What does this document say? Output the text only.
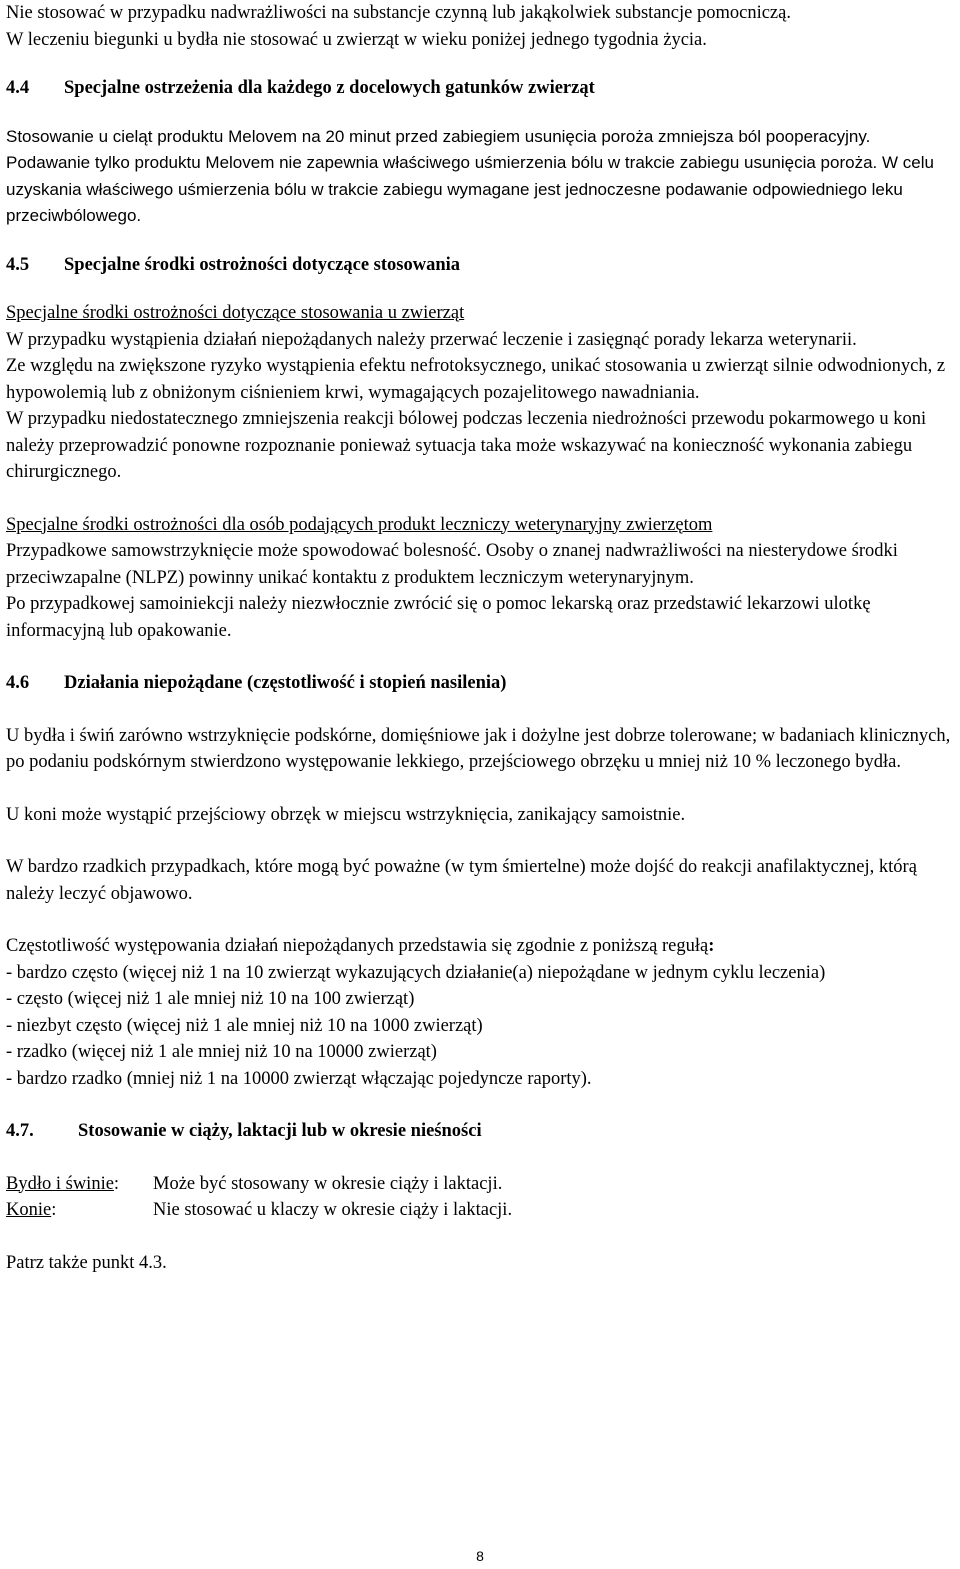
Nie stosować w przypadku nadwrażliwości na substancje czynną lub jakąkolwiek substancje pomocniczą.

W leczeniu biegunki u bydła nie stosować u zwierząt w wieku poniżej jednego tygodnia życia.

4.4 Specjalne ostrzeżenia dla każdego z docelowych gatunków zwierząt

Stosowanie u cieląt produktu Melovem na 20 minut przed zabiegiem usunięcia poroża zmniejsza ból pooperacyjny. Podawanie tylko produktu Melovem nie zapewnia właściwego uśmierzenia bólu w trakcie zabiegu usunięcia poroża. W celu uzyskania właściwego uśmierzenia bólu w trakcie zabiegu wymagane jest jednoczesne podawanie odpowiedniego leku przeciwbólowego.

4.5 Specjalne środki ostrożności dotyczące stosowania

Specjalne środki ostrożności dotyczące stosowania u zwierząt

W przypadku wystąpienia działań niepożądanych należy przerwać leczenie i zasięgnąć porady lekarza weterynarii.

Ze względu na zwiększone ryzyko wystąpienia efektu nefrotoksycznego, unikać stosowania u zwierząt silnie odwodnionych, z hypowolemią lub z obniżonym ciśnieniem krwi, wymagających pozajelitowego nawadniania.

W przypadku niedostatecznego zmniejszenia reakcji bólowej podczas leczenia niedrożności przewodu pokarmowego u koni należy przeprowadzić ponowne rozpoznanie ponieważ sytuacja taka może wskazywać na konieczność wykonania zabiegu chirurgicznego.

Specjalne środki ostrożności dla osób podających produkt leczniczy weterynaryjny zwierzętom

Przypadkowe samowstrzyknięcie może spowodować bolesność. Osoby o znanej nadwrażliwości na niesterydowe środki przeciwzapalne (NLPZ) powinny unikać kontaktu z produktem leczniczym weterynaryjnym.

Po przypadkowej samoiniekcji należy niezwłocznie zwrócić się o pomoc lekarską oraz przedstawić lekarzowi ulotkę informacyjną lub opakowanie.

4.6 Działania niepożądane (częstotliwość i stopień nasilenia)

U bydła i świń zarówno wstrzyknięcie podskórne, domięśniowe jak i dożylne jest dobrze tolerowane; w badaniach klinicznych, po podaniu podskórnym stwierdzono występowanie lekkiego, przejściowego obrzęku u mniej niż 10 % leczonego bydła.

U koni może wystąpić przejściowy obrzęk w miejscu wstrzyknięcia, zanikający samoistnie.

W bardzo rzadkich przypadkach, które mogą być poważne (w tym śmiertelne) może dojść do reakcji anafilaktycznej, którą należy leczyć objawowo.

Częstotliwość występowania działań niepożądanych przedstawia się zgodnie z poniższą regułą:

- bardzo często (więcej niż 1 na 10 zwierząt wykazujących działanie(a) niepożądane w jednym cyklu leczenia)

- często (więcej niż 1 ale mniej niż 10 na 100 zwierząt)

- niezbyt często (więcej niż 1 ale mniej niż 10 na 1000 zwierząt)

- rzadko (więcej niż 1 ale mniej niż 10 na 10000 zwierząt)

- bardzo rzadko (mniej niż 1 na 10000 zwierząt włączając pojedyncze raporty).

4.7. Stosowanie w ciąży, laktacji lub w okresie nieśności

Bydło i świnie:	Może być stosowany w okresie ciąży i laktacji.
Konie:	Nie stosować u klaczy w okresie ciąży i laktacji.

Patrz także punkt 4.3.

8
